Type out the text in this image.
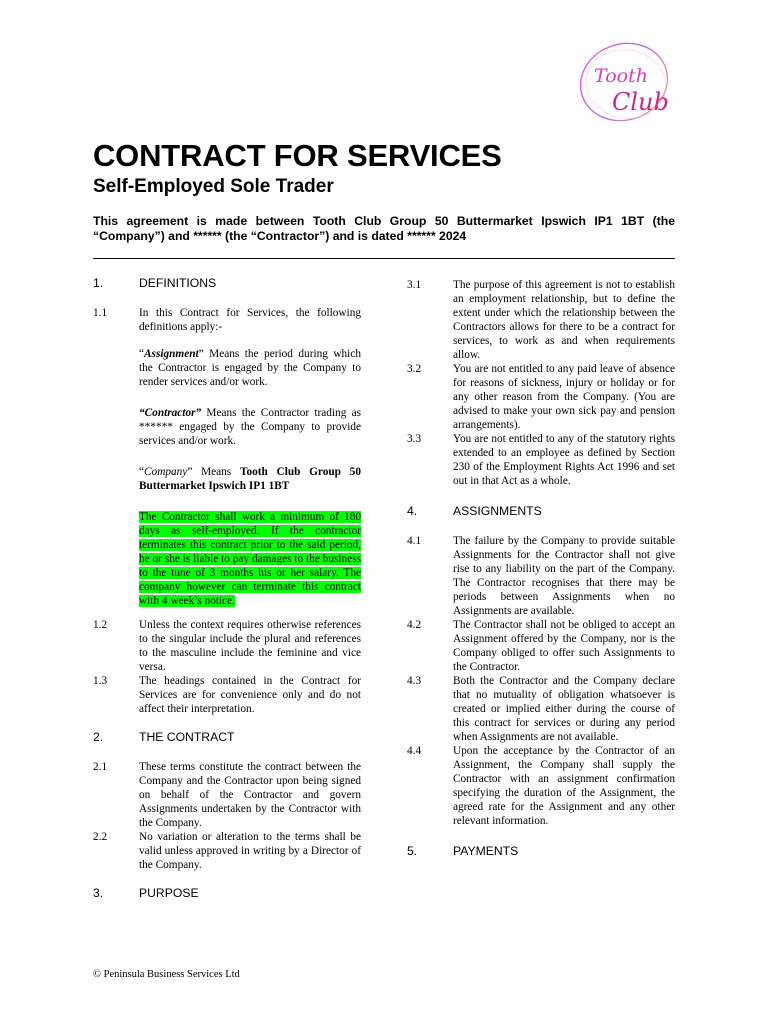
Tooth
Club
CONTRACT FOR SERVICES
Self-Employed Sole Trader

This agreement is made between Tooth Club Group 50 Buttermarket Ipswich IP1 1BT (the “Company”) and ****** (the “Contractor”) and is dated ****** 2024

1.	DEFINITIONS
1.1	In this Contract for Services, the following definitions apply:-
“Assignment” Means the period during which the Contractor is engaged by the Company to render services and/or work.
“Contractor” Means the Contractor trading as ****** engaged by the Company to provide services and/or work.
“Company” Means Tooth Club Group 50 Buttermarket Ipswich IP1 1BT
The Contractor shall work a minimum of 180 days as self-employed. If the contractor terminates this contract prior to the said period, he or she is liable to pay damages to the business to the tune of 3 months his or her salary. The company however can terminate this contract with 4 week’s notice.
1.2	Unless the context requires otherwise references to the singular include the plural and references to the masculine include the feminine and vice versa.
1.3	The headings contained in the Contract for Services are for convenience only and do not affect their interpretation.
2.	THE CONTRACT
2.1	These terms constitute the contract between the Company and the Contractor upon being signed on behalf of the Contractor and govern Assignments undertaken by the Contractor with the Company.
2.2	No variation or alteration to the terms shall be valid unless approved in writing by a Director of the Company.
3.	PURPOSE
3.1	The purpose of this agreement is not to establish an employment relationship, but to define the extent under which the relationship between the Contractors allows for there to be a contract for services, to work as and when requirements allow.
3.2	You are not entitled to any paid leave of absence for reasons of sickness, injury or holiday or for any other reason from the Company. (You are advised to make your own sick pay and pension arrangements).
3.3	You are not entitled to any of the statutory rights extended to an employee as defined by Section 230 of the Employment Rights Act 1996 and set out in that Act as a whole.
4.	ASSIGNMENTS
4.1	The failure by the Company to provide suitable Assignments for the Contractor shall not give rise to any liability on the part of the Company. The Contractor recognises that there may be periods between Assignments when no Assignments are available.
4.2	The Contractor shall not be obliged to accept an Assignment offered by the Company, nor is the Company obliged to offer such Assignments to the Contractor.
4.3	Both the Contractor and the Company declare that no mutuality of obligation whatsoever is created or implied either during the course of this contract for services or during any period when Assignments are not available.
4.4	Upon the acceptance by the Contractor of an Assignment, the Company shall supply the Contractor with an assignment confirmation specifying the duration of the Assignment, the agreed rate for the Assignment and any other relevant information.
5.	PAYMENTS
© Peninsula Business Services Ltd
